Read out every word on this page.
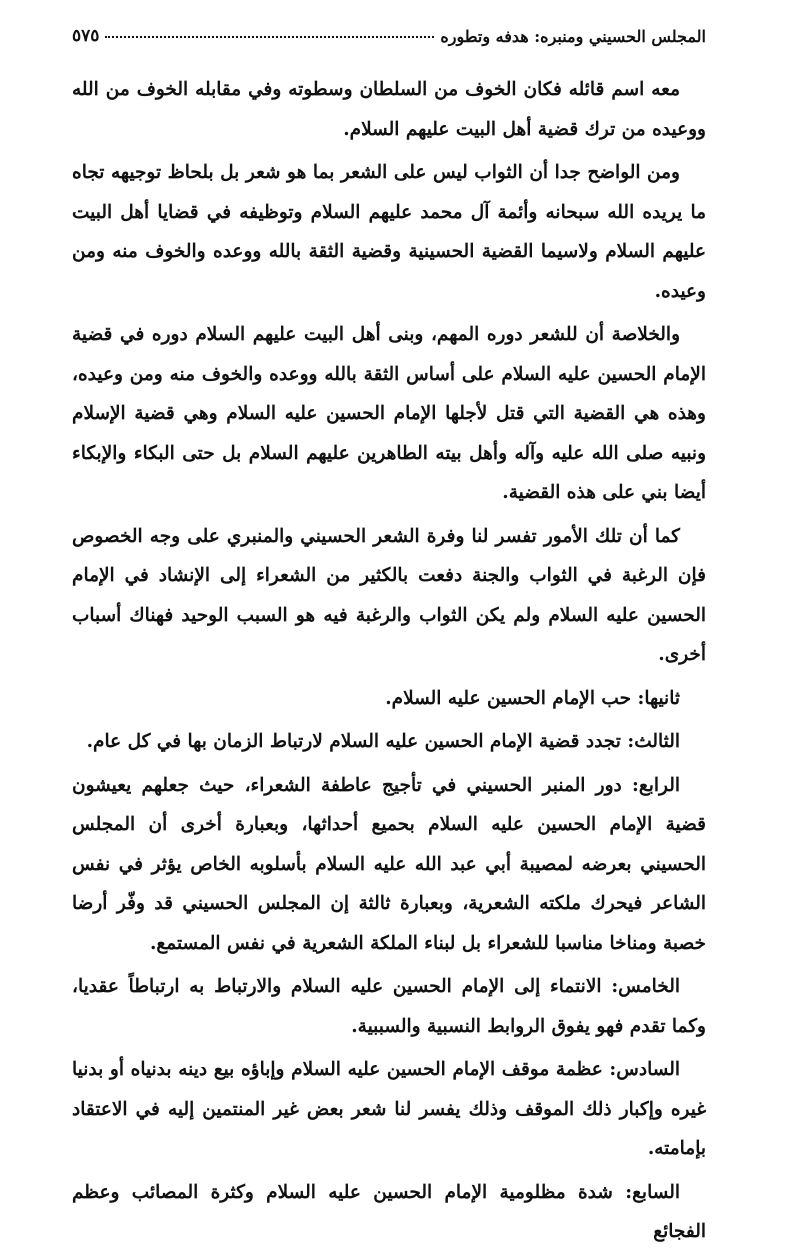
المجلس الحسيني ومنبره: هدفه وتطوره
٥٧٥

معه اسم قائله فكان الخوف من السلطان وسطوته وفي مقابله الخوف من الله ووعيده من ترك قضية أهل البيت عليهم السلام.

ومن الواضح جدا أن الثواب ليس على الشعر بما هو شعر بل بلحاظ توجيهه تجاه ما يريده الله سبحانه وأئمة آل محمد عليهم السلام وتوظيفه في قضايا أهل البيت عليهم السلام ولاسيما القضية الحسينية وقضية الثقة بالله ووعده والخوف منه ومن وعيده.

والخلاصة أن للشعر دوره المهم، وبنى أهل البيت عليهم السلام دوره في قضية الإمام الحسين عليه السلام على أساس الثقة بالله ووعده والخوف منه ومن وعيده، وهذه هي القضية التي قتل لأجلها الإمام الحسين عليه السلام وهي قضية الإسلام ونبيه صلى الله عليه وآله وأهل بيته الطاهرين عليهم السلام بل حتى البكاء والإبكاء أيضا بني على هذه القضية.

كما أن تلك الأمور تفسر لنا وفرة الشعر الحسيني والمنبري على وجه الخصوص فإن الرغبة في الثواب والجنة دفعت بالكثير من الشعراء إلى الإنشاد في الإمام الحسين عليه السلام ولم يكن الثواب والرغبة فيه هو السبب الوحيد فهناك أسباب أخرى.

ثانيها: حب الإمام الحسين عليه السلام.

الثالث: تجدد قضية الإمام الحسين عليه السلام لارتباط الزمان بها في كل عام.

الرابع: دور المنبر الحسيني في تأجيج عاطفة الشعراء، حيث جعلهم يعيشون قضية الإمام الحسين عليه السلام بحميع أحداثها، وبعبارة أخرى أن المجلس الحسيني بعرضه لمصيبة أبي عبد الله عليه السلام بأسلوبه الخاص يؤثر في نفس الشاعر فيحرك ملكته الشعرية، وبعبارة ثالثة إن المجلس الحسيني قد وفّر أرضا خصبة ومناخا مناسبا للشعراء بل لبناء الملكة الشعرية في نفس المستمع.

الخامس: الانتماء إلى الإمام الحسين عليه السلام والارتباط به ارتباطاً عقديا، وكما تقدم فهو يفوق الروابط النسبية والسببية.

السادس: عظمة موقف الإمام الحسين عليه السلام وإباؤه بيع دينه بدنياه أو بدنيا غيره وإكبار ذلك الموقف وذلك يفسر لنا شعر بعض غير المنتمين إليه في الاعتقاد بإمامته.

السابع: شدة مظلومية الإمام الحسين عليه السلام وكثرة المصائب وعظم الفجائع
